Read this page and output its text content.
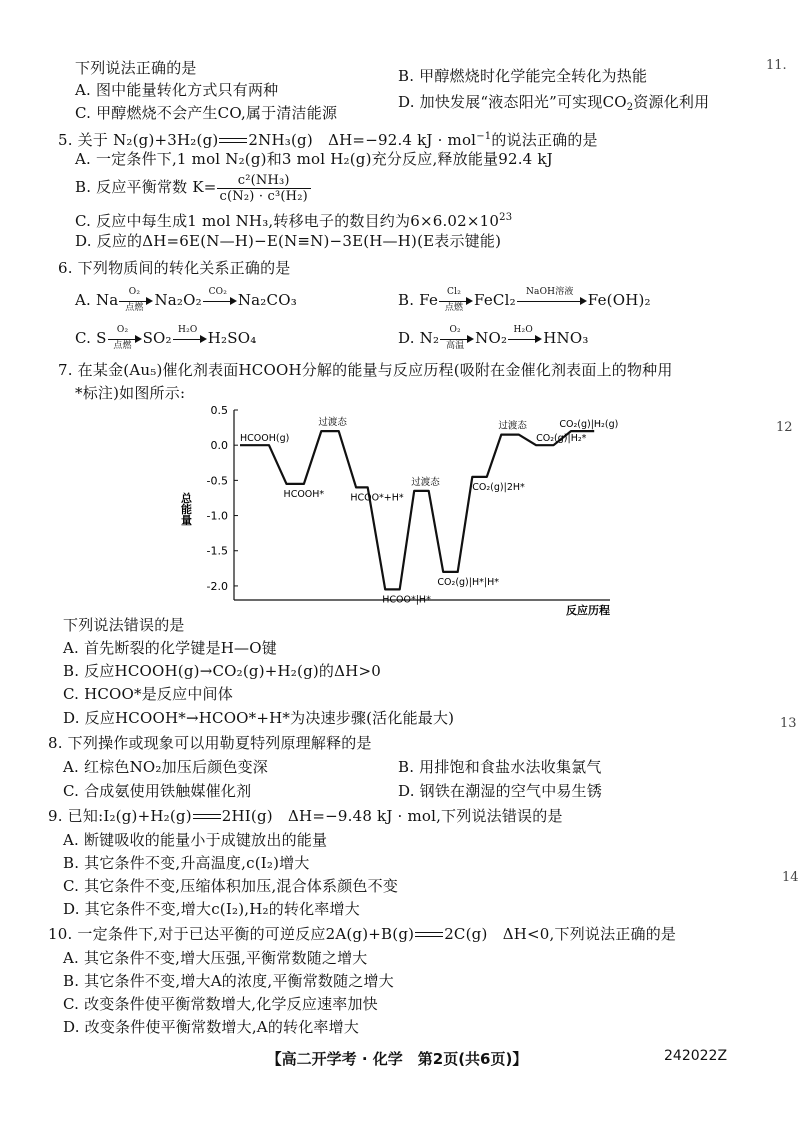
11.
12
13
14
下列说法正确的是
A. 图中能量转化方式只有两种
B. 甲醇燃烧时化学能完全转化为热能
C. 甲醇燃烧不会产生CO,属于清洁能源
D. 加快发展“液态阳光”可实现$CO_2$资源化利用
5. 关于 N₂(g)+3H₂(g) 2NH₃(g)　 ΔH=−92.4 kJ · mol$^{-1}$的说法正确的是
A. 一定条件下,1 mol N₂(g)和3 mol H₂(g)充分反应,释放能量92.4 kJ
B. 反应平衡常数 $K= \frac{\text{c²(NH₃)}}{\text{c(N₂) · c³(H₂)}}$
C. 反应中每生成1 mol NH₃,转移电子的数目约为$6\times 6.02\times 10^{23}$
D. 反应的ΔH=6E(N—H)−E(N≡N)−3E(H—H)(E表示键能)
6. 下列物质间的转化关系正确的是
A. Na	O₂
点燃 Na₂O₂ CO₂ Na₂CO₃	B. Fe	Cl₂
点燃 FeCl₂	NaOH溶液 Fe(OH)₂
C. S	O₂
点燃 SO₂ H₂O H₂SO₄	D. N₂	O₂
高温 NO₂ H₂O HNO₃
7. 在某金(Au₅)催化剂表面HCOOH分解的能量与反应历程(吸附在金催化剂表面上的物种用
*标注)如图所示:
总能量
反应历程
0.5
0.0
-0.5
-1.0
-1.5
-2.0
HCOOH(g)
过渡态
HCOOH*	HCOO*+H*
过渡态
HCOO*|H*
CO₂(g)|H*|H*
CO₂(g)|2H*
过渡态	CO₂(g)|H₂(g)
CO₂(g)|H₂*
下列说法错误的是
A. 首先断裂的化学键是H—O键
B. 反应HCOOH(g)→CO₂(g)+H₂(g)的ΔH>0
C. HCOO*是反应中间体
D. 反应HCOOH*→HCOO*+H*为决速步骤(活化能最大)
8. 下列操作或现象可以用勒夏特列原理解释的是
A. 红棕色NO₂加压后颜色变深	B. 用排饱和食盐水法收集氯气
C. 合成氨使用铁触媒催化剂	D. 钢铁在潮湿的空气中易生锈
9. 已知:I₂(g)+H₂(g) 2HI(g)　 ΔH=−9.48 kJ · mol,下列说法错误的是
A. 断键吸收的能量小于成键放出的能量
B. 其它条件不变,升高温度,c(I₂)增大
C. 其它条件不变,压缩体积加压,混合体系颜色不变
D. 其它条件不变,增大c(I₂),H₂的转化率增大
10. 一定条件下,对于已达平衡的可逆反应2A(g)+B(g) 2C(g)　 ΔH<0,下列说法正确的是
A. 其它条件不变,增大压强,平衡常数随之增大
B. 其它条件不变,增大A的浓度,平衡常数随之增大
C. 改变条件使平衡常数增大,化学反应速率加快
D. 改变条件使平衡常数增大,A的转化率增大
【高二开学考 · 化学　第2页(共6页)】	242022Z
